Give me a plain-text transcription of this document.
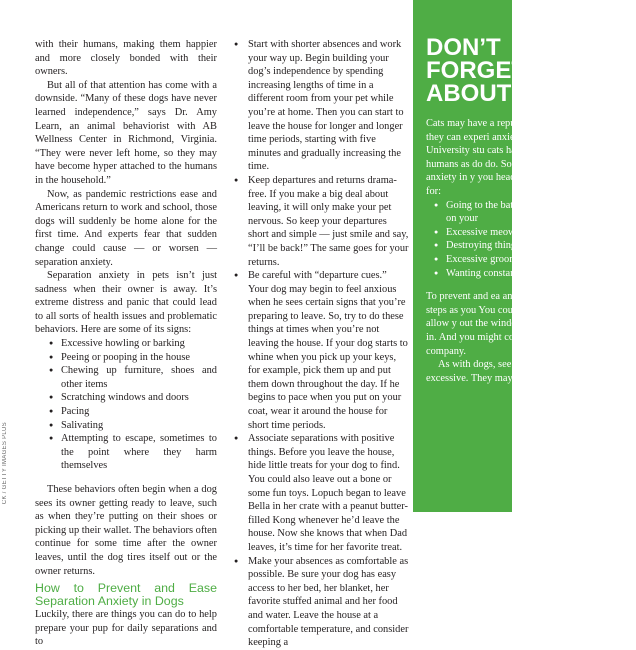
CK / GETTY IMAGES PLUS

with their humans, making them happier and more closely bonded with their owners.

But all of that attention has come with a downside. “Many of these dogs have never learned independence,” says Dr. Amy Learn, an animal behaviorist with AB Wellness Center in Richmond, Virginia. “They were never left home, so they may have become hyper attached to the humans in the household.”

Now, as pandemic restrictions ease and Americans return to work and school, those dogs will suddenly be home alone for the first time. And experts fear that sudden change could cause — or worsen — separation anxiety.

Separation anxiety in pets isn’t just sadness when their owner is away. It’s extreme distress and panic that could lead to all sorts of health issues and problematic behaviors. Here are some of its signs:

● Excessive howling or barking
● Peeing or pooping in the house
● Chewing up furniture, shoes and other items
● Scratching windows and doors
● Pacing
● Salivating
● Attempting to escape, sometimes to the point where they harm themselves

These behaviors often begin when a dog sees its owner getting ready to leave, such as when they’re putting on their shoes or picking up their wallet. The behaviors often continue for some time after the owner leaves, until the dog tires itself out or the owner returns.

How to Prevent and Ease Separation Anxiety in Dogs

Luckily, there are things you can do to help prepare your pup for daily separations and to

● Start with shorter absences and work your way up. Begin building your dog’s independence by spending increasing lengths of time in a different room from your pet while you’re at home. Then you can start to leave the house for longer and longer time periods, starting with five minutes and gradually increasing the time.
● Keep departures and returns drama-free. If you make a big deal about leaving, it will only make your pet nervous. So keep your departures short and simple — just smile and say, “I’ll be back!” The same goes for your returns.
● Be careful with “departure cues.” Your dog may begin to feel anxious when he sees certain signs that you’re preparing to leave. So, try to do these things at times when you’re not leaving the house. If your dog starts to whine when you pick up your keys, for example, pick them up and put them down throughout the day. If he begins to pace when you put on your coat, wear it around the house for short time periods.
● Associate separations with positive things. Before you leave the house, hide little treats for your dog to find. You could also leave out a bone or some fun toys. Lopuch began to leave Bella in her crate with a peanut butter-filled Kong whenever he’d leave the house. Now she knows that when Dad leaves, it’s time for her favorite treat.
● Make your absences as comfortable as possible. Be sure your dog has easy access to her bed, her blanket, her favorite stuffed animal and her food and water. Leave the house at a comfortable temperature, and consider keeping a
DON’T
FORGET
ABOUT C

Cats may have a repu independent and alo is that they can experi anxiety as well. In fact State University stu cats have similar att to their humans as do do. So, make sure to cl separation anxiety in y you head back to the of to watch out for:

● Going to the bath outside of the litt especially on your
● Excessive meowin yowling or other v
● Destroying things
● Excessive groomin
● Wanting constant you when you’re a

To prevent and ea anxiety in your cat, the same steps as you You could also provi patio that will allow y out the window, and or nook for your kitt in. And you might co another cat so the pai other company.

As with dogs, see y if your cat’s separation excessive. They may
